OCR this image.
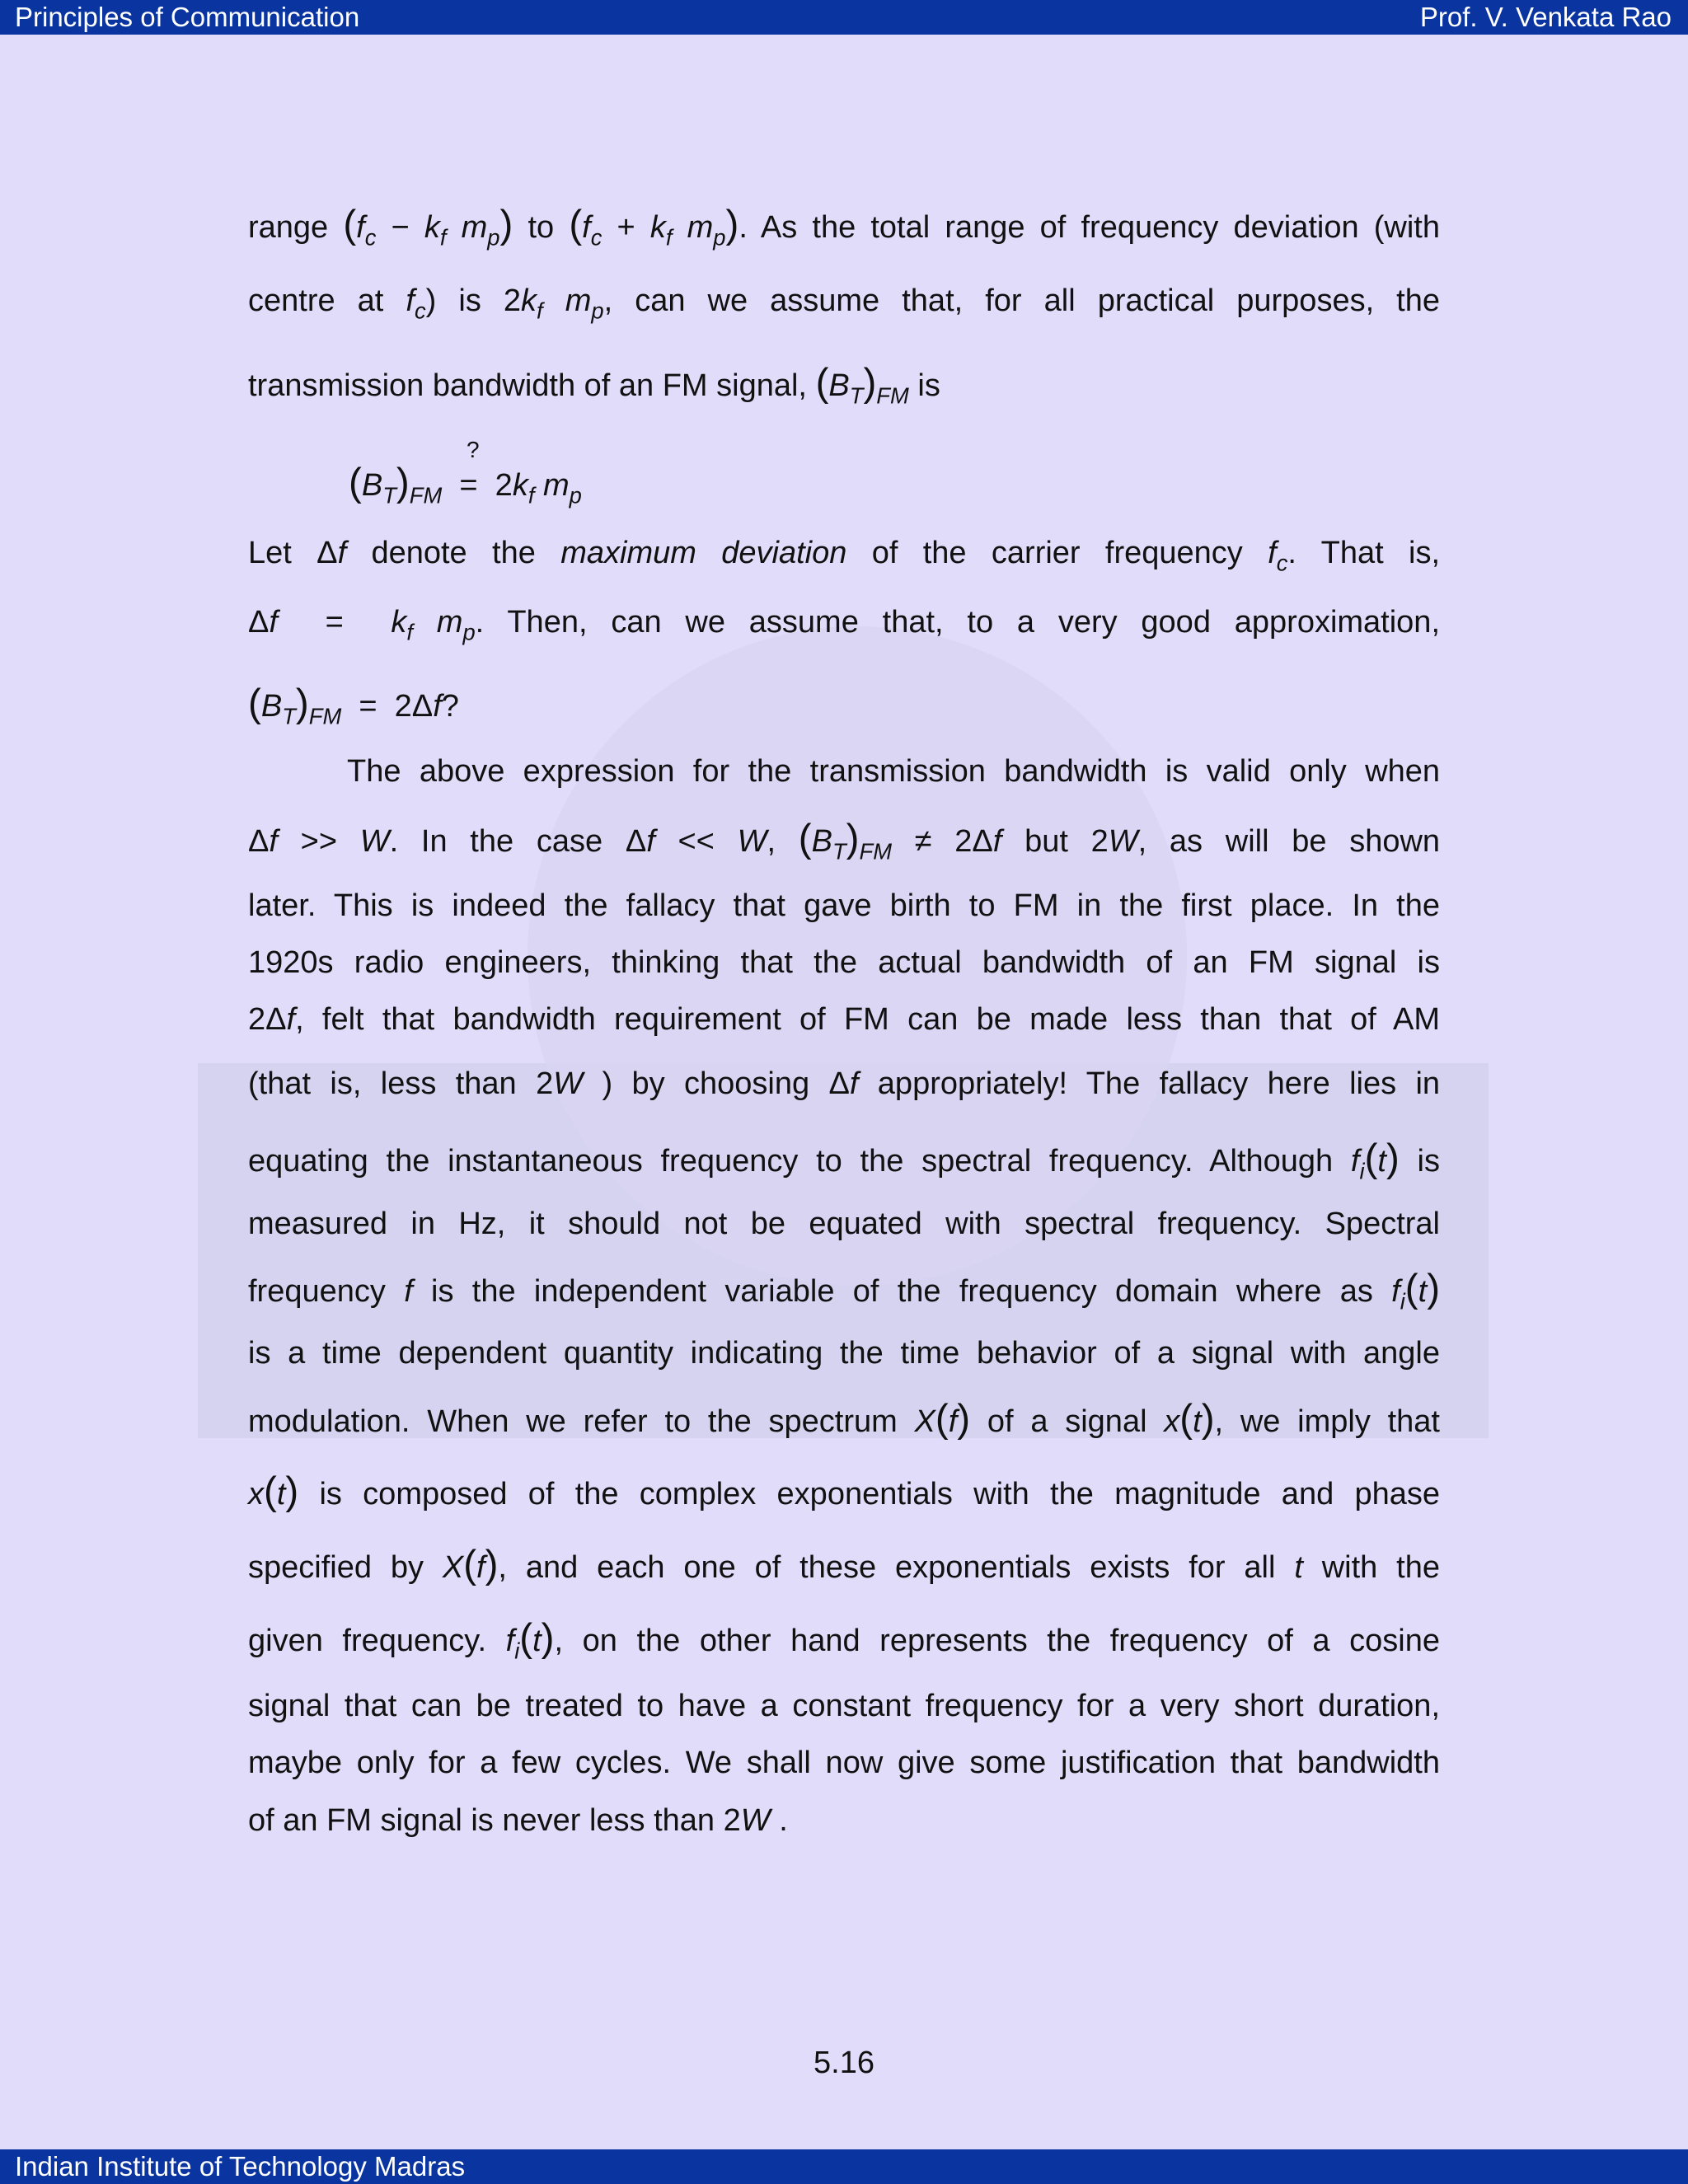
Principles of Communication	Prof. V. Venkata Rao
range ($f_c - k_f$ $m_p$) to ($f_c + k_f$ $m_p$). As the total range of frequency deviation (with
centre at $f_c$) is $2k_f$ $m_p$, can we assume that, for all practical purposes, the
transmission bandwidth of an FM signal, $(B_T)_{FM}$ is
?
$(B_T)_{FM} = 2k_f$ $m_p$
Let Δf denote the maximum deviation of the carrier frequency $f_c$. That is,
$\Delta f = k_f$ $m_p$. Then, can we assume that, to a very good approximation,
$(B_T)_{FM} = 2\Delta f$?
The above expression for the transmission bandwidth is valid only when
Δf >> W. In the case Δf << W, $(B_T)_{FM} \ne 2\Delta f$ but 2W, as will be shown
later. This is indeed the fallacy that gave birth to FM in the first place. In the
1920s radio engineers, thinking that the actual bandwidth of an FM signal is
2Δf, felt that bandwidth requirement of FM can be made less than that of AM
(that is, less than 2W ) by choosing Δf appropriately! The fallacy here lies in
equating the instantaneous frequency to the spectral frequency. Although $f_i(t)$ is
measured in Hz, it should not be equated with spectral frequency. Spectral
frequency f is the independent variable of the frequency domain where as $f_i(t)$
is a time dependent quantity indicating the time behavior of a signal with angle
modulation. When we refer to the spectrum X(f) of a signal x(t), we imply that
x(t) is composed of the complex exponentials with the magnitude and phase
specified by X(f), and each one of these exponentials exists for all t with the
given frequency. $f_i(t)$, on the other hand represents the frequency of a cosine
signal that can be treated to have a constant frequency for a very short duration,
maybe only for a few cycles. We shall now give some justification that bandwidth
of an FM signal is never less than 2W .
5.16
Indian Institute of Technology Madras
